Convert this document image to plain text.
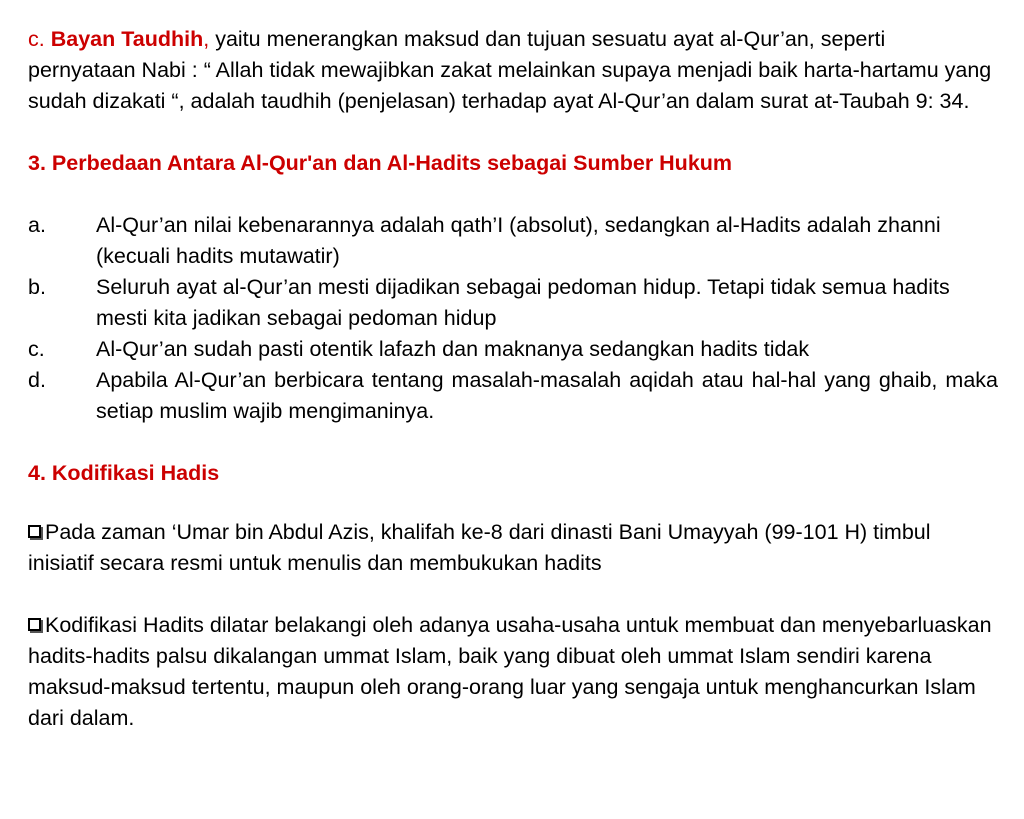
c. Bayan Taudhih, yaitu menerangkan maksud dan tujuan sesuatu ayat al-Qur’an, seperti pernyataan Nabi : “ Allah tidak mewajibkan zakat melainkan supaya menjadi baik harta-hartamu yang sudah dizakati “, adalah taudhih (penjelasan) terhadap ayat Al-Qur’an dalam surat at-Taubah 9: 34.

3. Perbedaan Antara Al-Qur'an dan Al-Hadits sebagai Sumber Hukum

a.	Al-Qur’an nilai kebenarannya adalah qath’I (absolut), sedangkan al-Hadits adalah zhanni (kecuali hadits mutawatir)
b.	Seluruh ayat al-Qur’an mesti dijadikan sebagai pedoman hidup. Tetapi tidak semua hadits mesti kita jadikan sebagai pedoman hidup
c.	Al-Qur’an sudah pasti otentik lafazh dan maknanya sedangkan hadits tidak
d.	Apabila Al-Qur’an berbicara tentang masalah-masalah aqidah atau hal-hal yang ghaib, maka setiap muslim wajib mengimaninya.

4. Kodifikasi Hadis

Pada zaman ‘Umar bin Abdul Azis, khalifah ke-8 dari dinasti Bani Umayyah (99-101 H) timbul inisiatif secara resmi untuk menulis dan membukukan hadits

Kodifikasi Hadits dilatar belakangi oleh adanya usaha-usaha untuk membuat dan menyebarluaskan hadits-hadits palsu dikalangan ummat Islam, baik yang dibuat oleh ummat Islam sendiri karena maksud-maksud tertentu, maupun oleh orang-orang luar yang sengaja untuk menghancurkan Islam dari dalam.
